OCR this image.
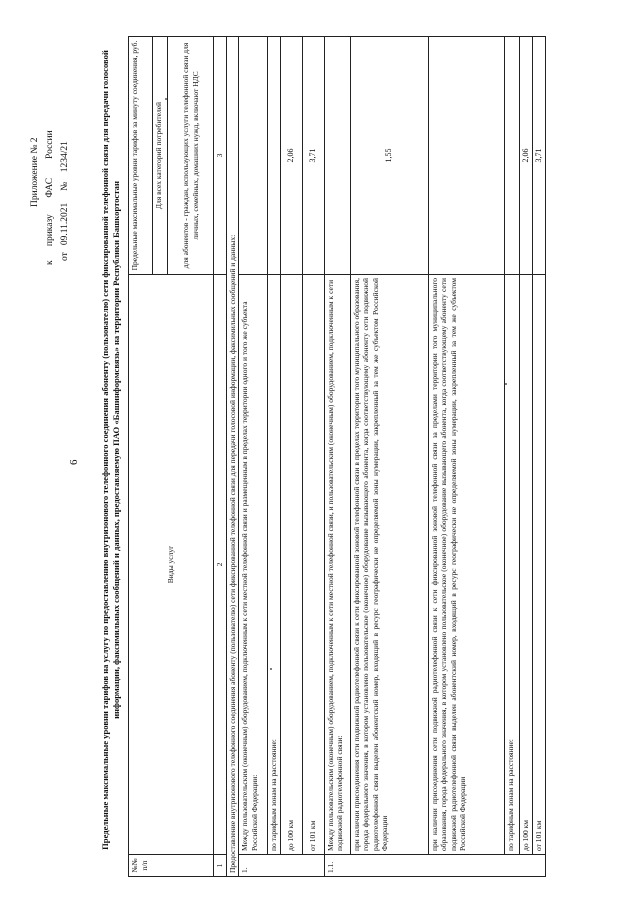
6
Приложение № 2
к      приказу       ФАС        России
от   09.11.2021     №    1234/21	Предельные максимальные уровни тарифов на услугу по предоставлению внутризонового телефонного соединения абоненту (пользователю) сети фиксированной телефонной связи для передачи голосовой информации, факсимильных сообщений и данных, предоставляемую ПАО «Башинформсвязь» на территории Республики Башкортостан
№№ п/п	Виды услуг	Предельные максимальные уровни тарифов за минуту соединения, руб.
		Для всех категорий потребителей
		для абонентов - граждан, использующих услуги телефонной связи для личных, семейных, домашних нужд, включают НДС
1	2	3
Предоставление внутризонового телефонного соединения абоненту (пользователю) сети фиксированной телефонной связи для передачи голосовой информации, факсимильных сообщений и данных:		
1.	Между пользовательским (оконечным) оборудованием, подключенным к сети местной телефонной связи и размещенным в пределах территории одного и того же субъекта Российской Федерации:	
	по тарифным зонам на расстояние:	
	до 100 км	2,06
	от 101 км	3,71
1.1.	Между пользовательским (оконечным) оборудованием, подключенным к сети местной телефонной связи, и пользовательским (оконечным) оборудованием, подключенным к сети подвижной радиотелефонной связи:	
	при наличии присоединения сети подвижной радиотелефонной связи к сети фиксированной зоновой телефонной связи в пределах территории того муниципального образования, города федерального значения, в котором установлено пользовательское (оконечное) оборудование вызывающего абонента, когда соответствующему абоненту сети подвижной радиотелефонной связи выделен абонентский номер, входящий в ресурс географически не определяемой зоны нумерации, закрепленный за тем же субъектом Российской Федерации	1,55
	при наличии присоединения сети подвижной радиотелефонной связи к сети фиксированной зоновой телефонной связи за пределами территории того муниципального образования, города федерального значения, в котором установлено пользовательское (оконечное) оборудование вызывающего абонента, когда соответствующему абоненту сети подвижной радиотелефонной связи выделен абонентский номер, входящий в ресурс географически не определяемой зоны нумерации, закрепленный за тем же субъектом Российской Федерации	
	по тарифным зонам на расстояние:	
	до 100 км	2,06
	от 101 км	3,71
